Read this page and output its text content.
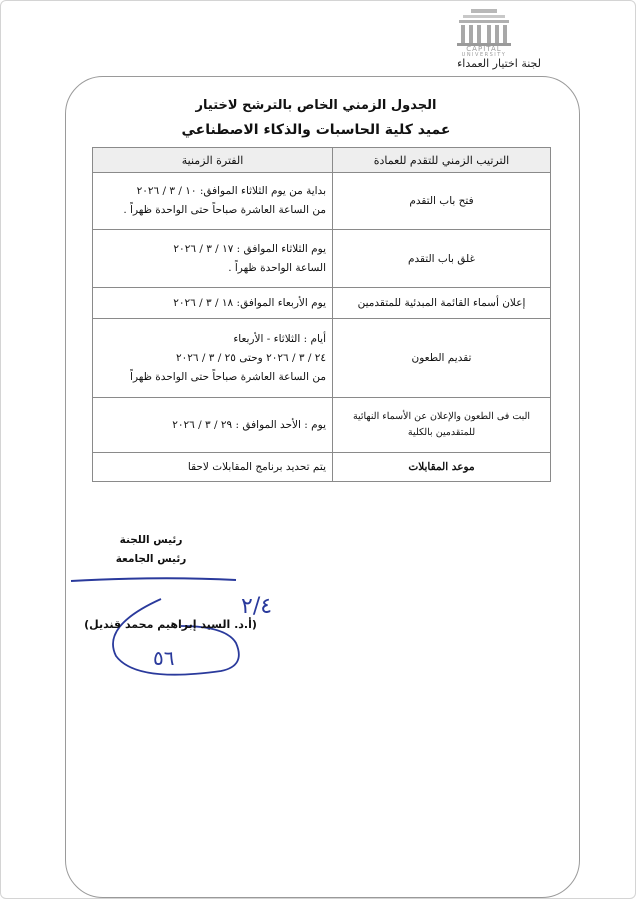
CAPITAL
UNIVERSITY
لجنة اختيار العمداء
الجدول الزمني الخاص بالترشح لاختيار
عميد كلية الحاسبات والذكاء الاصطناعي
الترتيب الزمني للتقدم للعمادة	الفترة الزمنية
فتح باب التقدم	بداية من يوم الثلاثاء الموافق: ١٠ / ٣ / ٢٠٢٦
من الساعة العاشرة صباحاً حتى الواحدة ظهراً .

غلق باب التقدم	يوم الثلاثاء الموافق : ١٧ / ٣ / ٢٠٢٦
الساعة الواحدة ظهراً .

إعلان أسماء القائمة المبدئية للمتقدمين	يوم الأربعاء الموافق: ١٨ / ٣ / ٢٠٢٦

تقديم الطعون	أيام : الثلاثاء - الأربعاء
٢٤ / ٣ / ٢٠٢٦ وحتى ٢٥ / ٣ / ٢٠٢٦
من الساعة العاشرة صباحاً حتى الواحدة ظهراً

البت فى الطعون والإعلان عن الأسماء النهائية
للمتقدمين بالكلية	يوم : الأحد الموافق : ٢٩ / ٣ / ٢٠٢٦

موعد المقابلات	يتم تحديد برنامج المقابلات لاحقا
رئيس اللجنة
رئيس الجامعة
٢/٤
٥٦
(أ.د. السيد إبراهيم محمد قنديل)
